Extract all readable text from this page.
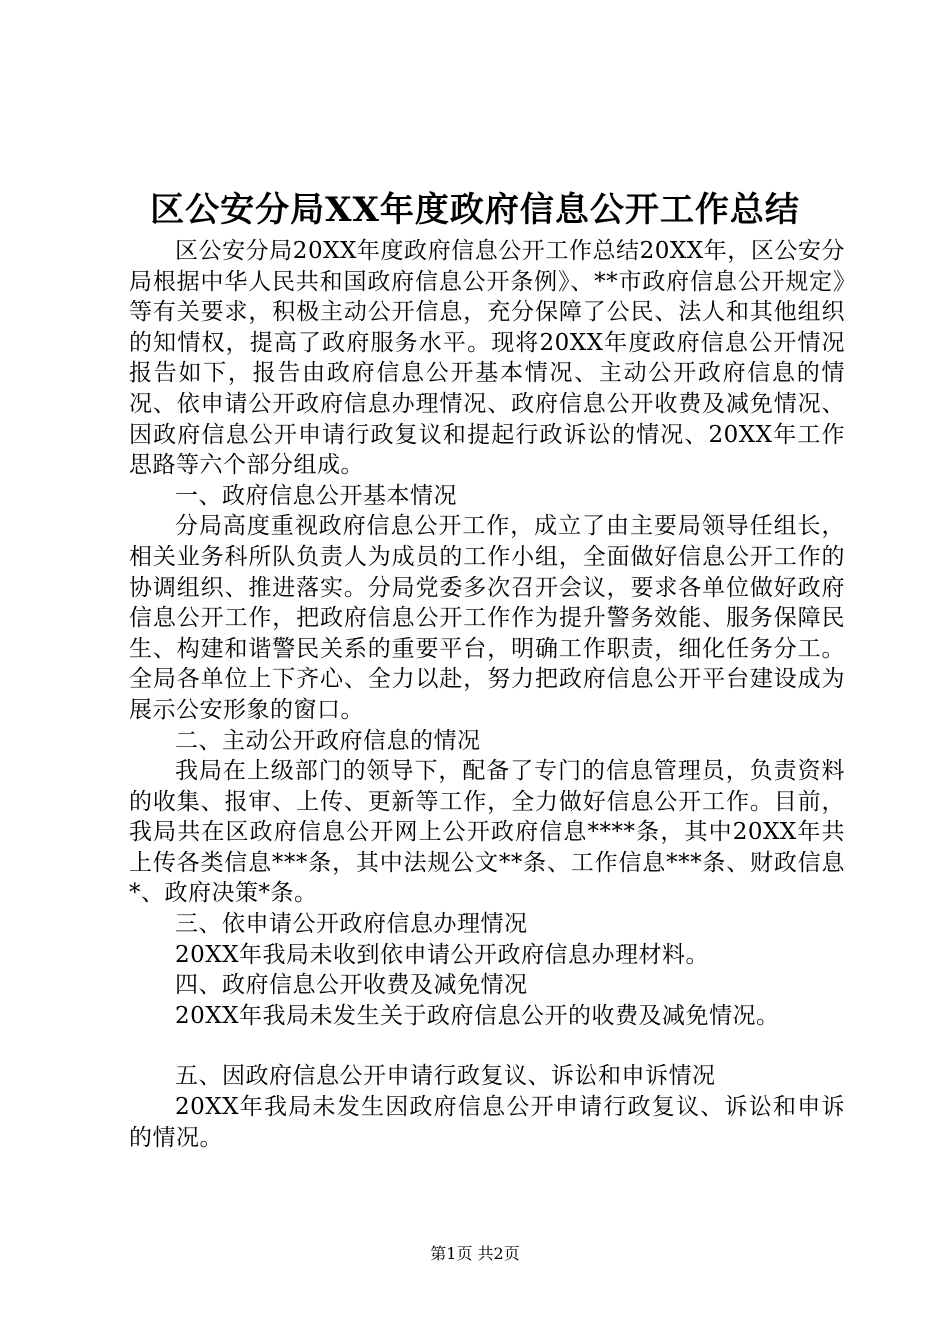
区公安分局XX年度政府信息公开工作总结

区公安分局20XX年度政府信息公开工作总结20XX年，区公安分局根据中华人民共和国政府信息公开条例》、**市政府信息公开规定》等有关要求，积极主动公开信息，充分保障了公民、法人和其他组织的知情权，提高了政府服务水平。现将20XX年度政府信息公开情况报告如下，报告由政府信息公开基本情况、主动公开政府信息的情况、依申请公开政府信息办理情况、政府信息公开收费及减免情况、因政府信息公开申请行政复议和提起行政诉讼的情况、20XX年工作思路等六个部分组成。

一、政府信息公开基本情况

分局高度重视政府信息公开工作，成立了由主要局领导任组长，相关业务科所队负责人为成员的工作小组，全面做好信息公开工作的协调组织、推进落实。分局党委多次召开会议，要求各单位做好政府信息公开工作，把政府信息公开工作作为提升警务效能、服务保障民生、构建和谐警民关系的重要平台，明确工作职责，细化任务分工。全局各单位上下齐心、全力以赴，努力把政府信息公开平台建设成为展示公安形象的窗口。

二、主动公开政府信息的情况

我局在上级部门的领导下，配备了专门的信息管理员，负责资料的收集、报审、上传、更新等工作，全力做好信息公开工作。目前，我局共在区政府信息公开网上公开政府信息****条，其中20XX年共上传各类信息***条，其中法规公文**条、工作信息***条、财政信息*、政府决策*条。

三、依申请公开政府信息办理情况

20XX年我局未收到依申请公开政府信息办理材料。

四、政府信息公开收费及减免情况

20XX年我局未发生关于政府信息公开的收费及减免情况。

五、因政府信息公开申请行政复议、诉讼和申诉情况

20XX年我局未发生因政府信息公开申请行政复议、诉讼和申诉的情况。

第1页 共2页
